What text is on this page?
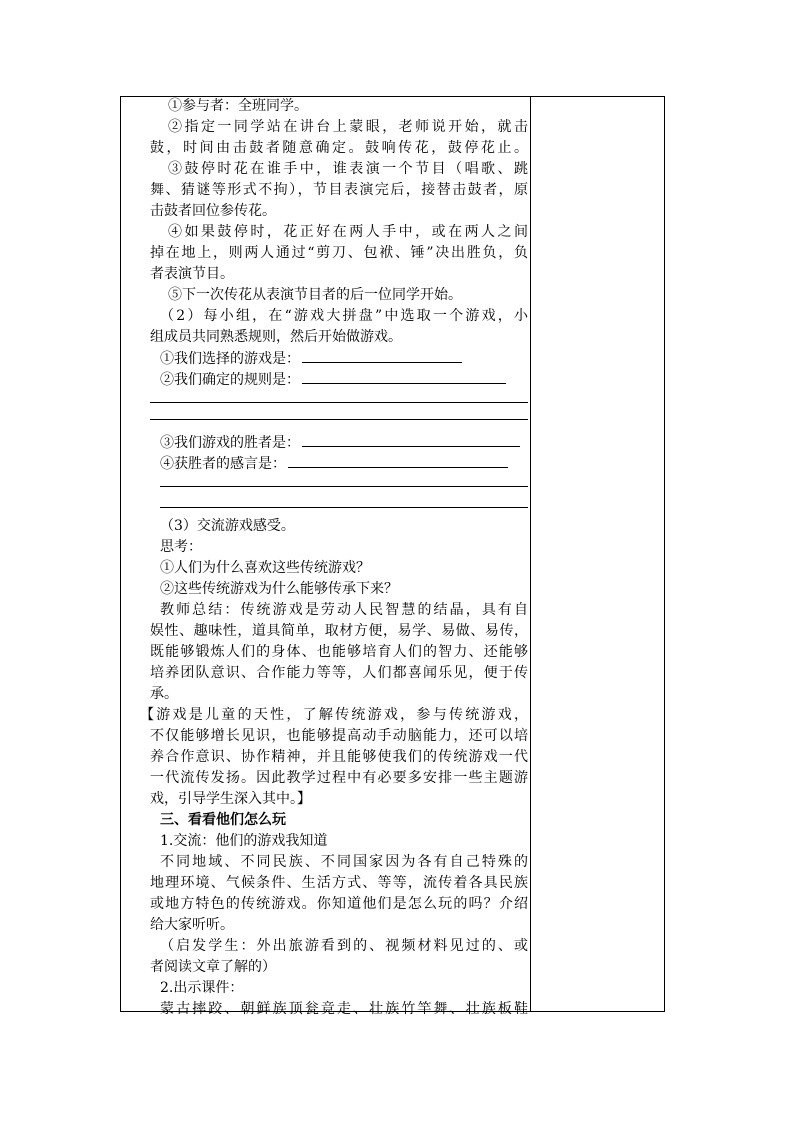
①参与者：全班同学。
②指定一同学站在讲台上蒙眼，老师说开始，就击
鼓，时间由击鼓者随意确定。鼓响传花，鼓停花止。
③鼓停时花在谁手中，谁表演一个节目（唱歌、跳
舞、猜谜等形式不拘），节目表演完后，接替击鼓者，原
击鼓者回位参传花。
④如果鼓停时，花正好在两人手中，或在两人之间
掉在地上，则两人通过“剪刀、包袱、锤”决出胜负，负
者表演节目。
⑤下一次传花从表演节目者的后一位同学开始。
（2）每小组，在“游戏大拼盘”中选取一个游戏，小
组成员共同熟悉规则，然后开始做游戏。
①我们选择的游戏是：
②我们确定的规则是：
③我们游戏的胜者是：
④获胜者的感言是：
（3）交流游戏感受。
思考：
①人们为什么喜欢这些传统游戏？
②这些传统游戏为什么能够传承下来？
教师总结：传统游戏是劳动人民智慧的结晶，具有自
娱性、趣味性，道具简单，取材方便，易学、易做、易传，
既能够锻炼人们的身体、也能够培育人们的智力、还能够
培养团队意识、合作能力等等，人们都喜闻乐见，便于传
承。
【游戏是儿童的天性，了解传统游戏，参与传统游戏，
不仅能够增长见识，也能够提高动手动脑能力，还可以培
养合作意识、协作精神，并且能够使我们的传统游戏一代
一代流传发扬。因此教学过程中有必要多安排一些主题游
戏，引导学生深入其中。】
三、看看他们怎么玩
1.交流：他们的游戏我知道
不同地域、不同民族、不同国家因为各有自己特殊的
地理环境、气候条件、生活方式、等等，流传着各具民族
或地方特色的传统游戏。你知道他们是怎么玩的吗？介绍
给大家听听。
（启发学生：外出旅游看到的、视频材料见过的、或
者阅读文章了解的）
2.出示课件：
蒙古摔跤、朝鲜族顶瓮竞走、壮族竹竿舞、壮族板鞋
